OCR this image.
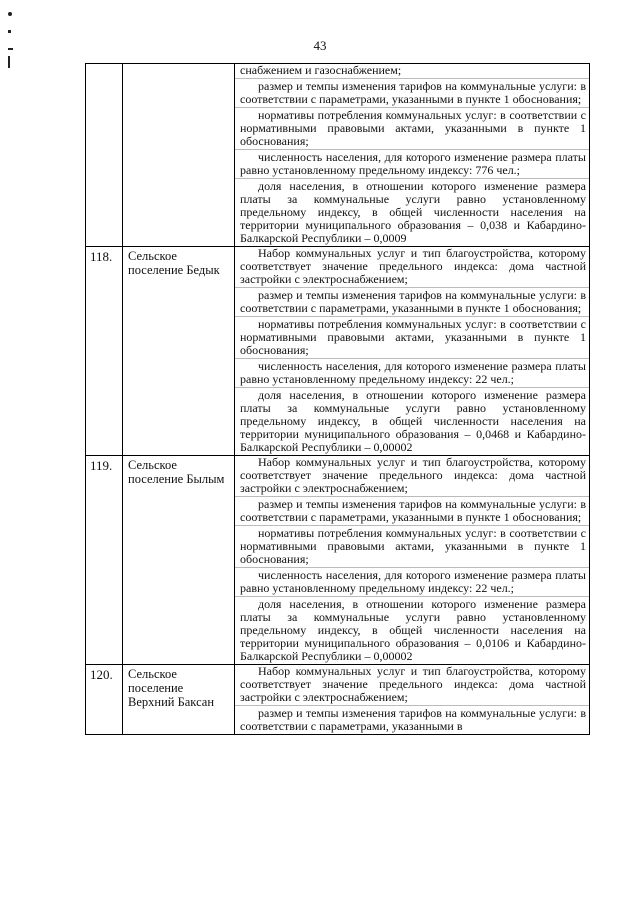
43

		снабжением и газоснабжением;

размер и темпы изменения тарифов на коммунальные услуги: в соответствии с параметрами, указанными в пункте 1 обоснования;

нормативы потребления коммунальных услуг: в соответствии с нормативными правовыми актами, указанными в пункте 1 обоснования;

численность населения, для которого изменение размера платы равно установленному предельному индексу: 776 чел.;

доля населения, в отношении которого изменение размера платы за коммунальные услуги равно установленному предельному индексу, в общей численности населения на территории муниципального образования – 0,038 и Кабардино-Балкарской Республики – 0,0009

118.	Сельское поселение Бедык	Набор коммунальных услуг и тип благоустройства, которому соответствует значение предельного индекса: дома частной застройки с электроснабжением;

размер и темпы изменения тарифов на коммунальные услуги: в соответствии с параметрами, указанными в пункте 1 обоснования;

нормативы потребления коммунальных услуг: в соответствии с нормативными правовыми актами, указанными в пункте 1 обоснования;

численность населения, для которого изменение размера платы равно установленному предельному индексу: 22 чел.;

доля населения, в отношении которого изменение размера платы за коммунальные услуги равно установленному предельному индексу, в общей численности населения на территории муниципального образования – 0,0468 и Кабардино-Балкарской Республики – 0,00002

119.	Сельское поселение Былым	Набор коммунальных услуг и тип благоустройства, которому соответствует значение предельного индекса: дома частной застройки с электроснабжением;

размер и темпы изменения тарифов на коммунальные услуги: в соответствии с параметрами, указанными в пункте 1 обоснования;

нормативы потребления коммунальных услуг: в соответствии с нормативными правовыми актами, указанными в пункте 1 обоснования;

численность населения, для которого изменение размера платы равно установленному предельному индексу: 22 чел.;

доля населения, в отношении которого изменение размера платы за коммунальные услуги равно установленному предельному индексу, в общей численности населения на территории муниципального образования – 0,0106 и Кабардино-Балкарской Республики – 0,00002

120.	Сельское поселение Верхний Баксан	Набор коммунальных услуг и тип благоустройства, которому соответствует значение предельного индекса: дома частной застройки с электроснабжением;

размер и темпы изменения тарифов на коммунальные услуги: в соответствии с параметрами, указанными в
